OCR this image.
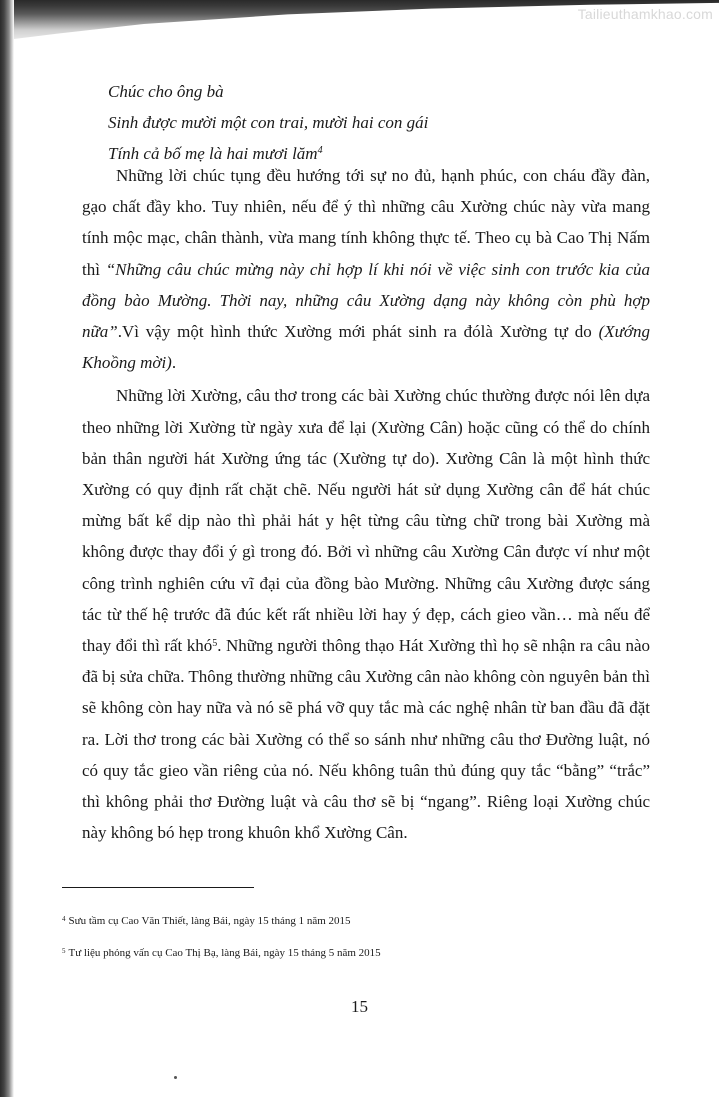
Tailieuthamkhao.com
Chúc cho ông bà
Sinh được mười một con trai, mười hai con gái
Tính cả bố mẹ là hai mươi lăm$^4$

Những lời chúc tụng đều hướng tới sự no đủ, hạnh phúc, con cháu đầy đàn, gạo chất đầy kho. Tuy nhiên, nếu để ý thì những câu Xường chúc này vừa mang tính mộc mạc, chân thành, vừa mang tính không thực tế. Theo cụ bà Cao Thị Nấm thì “Những câu chúc mừng này chỉ hợp lí khi nói về việc sinh con trước kia của đồng bào Mường. Thời nay, những câu Xường dạng này không còn phù hợp nữa”.Vì vậy một hình thức Xường mới phát sinh ra đólà Xường tự do (Xướng Khoồng mời).

Những lời Xường, câu thơ trong các bài Xường chúc thường được nói lên dựa theo những lời Xường từ ngày xưa để lại (Xường Cân) hoặc cũng có thể do chính bản thân người hát Xường ứng tác (Xường tự do). Xường Cân là một hình thức Xường có quy định rất chặt chẽ. Nếu người hát sử dụng Xường cân để hát chúc mừng bất kể dịp nào thì phải hát y hệt từng câu từng chữ trong bài Xường mà không được thay đổi ý gì trong đó. Bởi vì những câu Xường Cân được ví như một công trình nghiên cứu vĩ đại của đồng bào Mường. Những câu Xường được sáng tác từ thế hệ trước đã đúc kết rất nhiều lời hay ý đẹp, cách gieo vần… mà nếu để thay đổi thì rất khó$^5$. Những người thông thạo Hát Xường thì họ sẽ nhận ra câu nào đã bị sửa chữa. Thông thường những câu Xường cân nào không còn nguyên bản thì sẽ không còn hay nữa và nó sẽ phá vỡ quy tắc mà các nghệ nhân từ ban đầu đã đặt ra. Lời thơ trong các bài Xường có thể so sánh như những câu thơ Đường luật, nó có quy tắc gieo vần riêng của nó. Nếu không tuân thủ đúng quy tắc “bằng” “trắc” thì không phải thơ Đường luật và câu thơ sẽ bị “ngang”. Riêng loại Xường chúc này không bó hẹp trong khuôn khổ Xường Cân.

$^4$ Sưu tầm cụ Cao Văn Thiết, làng Bái, ngày 15 tháng 1 năm 2015
$^5$ Tư liệu phỏng vấn cụ Cao Thị Bạ, làng Bái, ngày 15 tháng 5 năm 2015
15
